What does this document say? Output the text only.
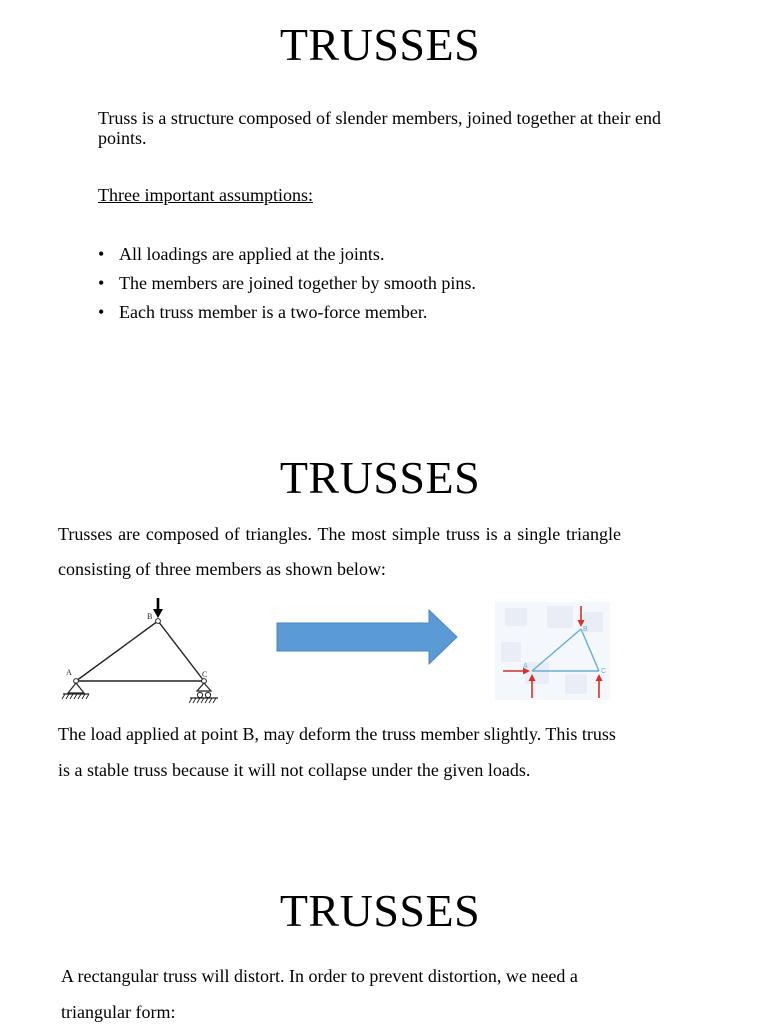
TRUSSES
Truss is a structure composed of slender members, joined together at their end points.
Three important assumptions:
• All loadings are applied at the joints.
• The members are joined together by smooth pins.
• Each truss member is a two-force member.
TRUSSES
Trusses are composed of triangles. The most simple truss is a single triangle consisting of three members as shown below:
A
B
C
A
B
C
The load applied at point B, may deform the truss member slightly. This truss is a stable truss because it will not collapse under the given loads.
TRUSSES
A rectangular truss will distort. In order to prevent distortion, we need a triangular form:
